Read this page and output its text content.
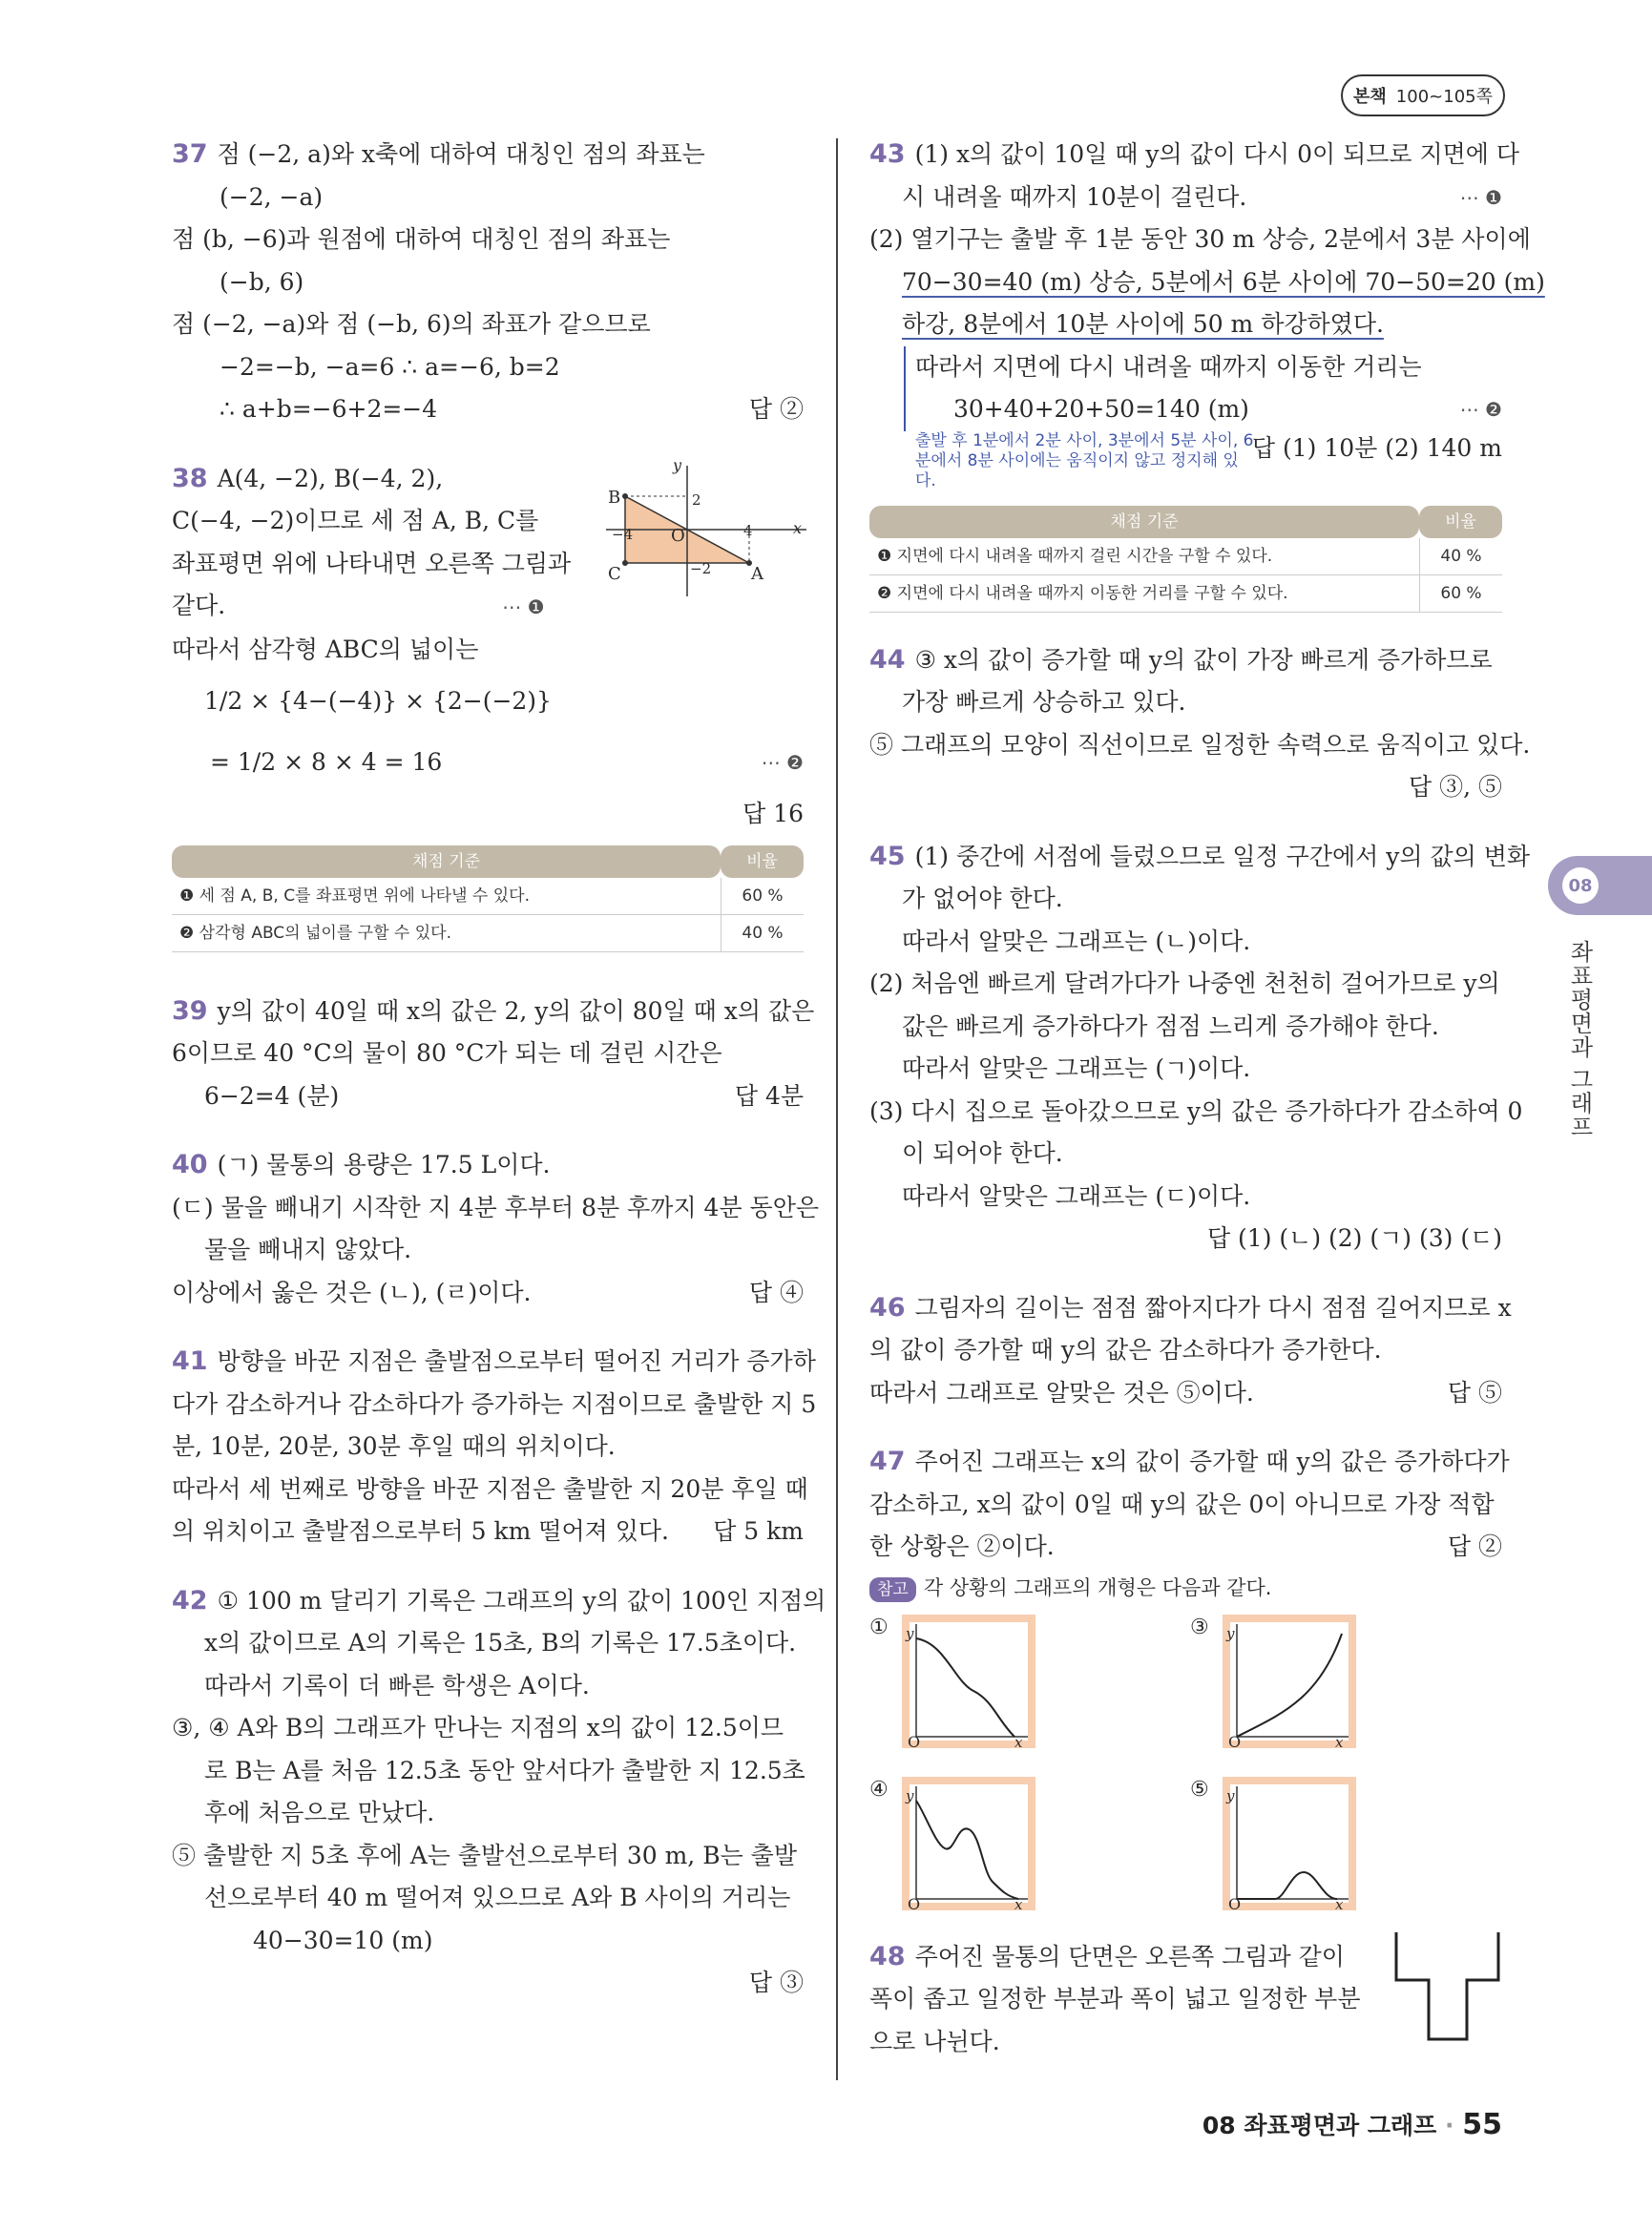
본책 100~105쪽

37 점 (−2, a)와 x축에 대하여 대칭인 점의 좌표는

(−2, −a)

점 (b, −6)과 원점에 대하여 대칭인 점의 좌표는

(−b, 6)

점 (−2, −a)와 점 (−b, 6)의 좌표가 같으므로

−2=−b, −a=6 ∴ a=−6, b=2

∴ a+b=−6+2=−4	답 ②

38 A(4, −2), B(−4, 2),

C(−4, −2)이므로 세 점 A, B, C를

좌표평면 위에 나타내면 오른쪽 그림과

같다.	⋯ ❶

따라서 삼각형 ABC의 넓이는

1/2 × {4−(−4)} × {2−(−2)}

= 1/2 × 8 × 4 = 16	⋯ ❷

답 16

y
x
O
B
C	A
2
4
−4
−2
채점 기준	비율
❶ 세 점 A, B, C를 좌표평면 위에 나타낼 수 있다.	60 %
❷ 삼각형 ABC의 넓이를 구할 수 있다.	40 %

39 y의 값이 40일 때 x의 값은 2, y의 값이 80일 때 x의 값은

6이므로 40 °C의 물이 80 °C가 되는 데 걸린 시간은

6−2=4 (분)	답 4분

40 (ㄱ) 물통의 용량은 17.5 L이다.

(ㄷ) 물을 빼내기 시작한 지 4분 후부터 8분 후까지 4분 동안은

물을 빼내지 않았다.

이상에서 옳은 것은 (ㄴ), (ㄹ)이다.	답 ④

41 방향을 바꾼 지점은 출발점으로부터 떨어진 거리가 증가하

다가 감소하거나 감소하다가 증가하는 지점이므로 출발한 지 5

분, 10분, 20분, 30분 후일 때의 위치이다.

따라서 세 번째로 방향을 바꾼 지점은 출발한 지 20분 후일 때

의 위치이고 출발점으로부터 5 km 떨어져 있다. 답 5 km

42 ① 100 m 달리기 기록은 그래프의 y의 값이 100인 지점의

x의 값이므로 A의 기록은 15초, B의 기록은 17.5초이다.

따라서 기록이 더 빠른 학생은 A이다.

③, ④ A와 B의 그래프가 만나는 지점의 x의 값이 12.5이므

로 B는 A를 처음 12.5초 동안 앞서다가 출발한 지 12.5초

후에 처음으로 만났다.

⑤ 출발한 지 5초 후에 A는 출발선으로부터 30 m, B는 출발

선으로부터 40 m 떨어져 있으므로 A와 B 사이의 거리는

40−30=10 (m)

답 ③

43 (1) x의 값이 10일 때 y의 값이 다시 0이 되므로 지면에 다

시 내려올 때까지 10분이 걸린다.	⋯ ❶

(2) 열기구는 출발 후 1분 동안 30 m 상승, 2분에서 3분 사이에

70−30=40 (m) 상승, 5분에서 6분 사이에 70−50=20 (m)

하강, 8분에서 10분 사이에 50 m 하강하였다.

따라서 지면에 다시 내려올 때까지 이동한 거리는

30+40+20+50=140 (m)	⋯ ❷

출발 후 1분에서 2분 사이, 3분에서 5분 사이, 6분에서 8분 사이에는 움직이지 않고 정지해 있다.
답 (1) 10분 (2) 140 m
채점 기준	비율
❶ 지면에 다시 내려올 때까지 걸린 시간을 구할 수 있다.	40 %
❷ 지면에 다시 내려올 때까지 이동한 거리를 구할 수 있다.	60 %

44 ③ x의 값이 증가할 때 y의 값이 가장 빠르게 증가하므로

가장 빠르게 상승하고 있다.

⑤ 그래프의 모양이 직선이므로 일정한 속력으로 움직이고 있다.

답 ③, ⑤

45 (1) 중간에 서점에 들렀으므로 일정 구간에서 y의 값의 변화

가 없어야 한다.

따라서 알맞은 그래프는 (ㄴ)이다.

(2) 처음엔 빠르게 달려가다가 나중엔 천천히 걸어가므로 y의

값은 빠르게 증가하다가 점점 느리게 증가해야 한다.

따라서 알맞은 그래프는 (ㄱ)이다.

(3) 다시 집으로 돌아갔으므로 y의 값은 증가하다가 감소하여 0

이 되어야 한다.

따라서 알맞은 그래프는 (ㄷ)이다.

답 (1) (ㄴ) (2) (ㄱ) (3) (ㄷ)

46 그림자의 길이는 점점 짧아지다가 다시 점점 길어지므로 x

의 값이 증가할 때 y의 값은 감소하다가 증가한다.

따라서 그래프로 알맞은 것은 ⑤이다.	답 ⑤

47 주어진 그래프는 x의 값이 증가할 때 y의 값은 증가하다가

감소하고, x의 값이 0일 때 y의 값은 0이 아니므로 가장 적합

한 상황은 ②이다.	답 ②

참고 각 상황의 그래프의 개형은 다음과 같다.

①
O	x
y	③
O	x
y
④
O	x
y	⑤
O	x
y

48 주어진 물통의 단면은 오른쪽 그림과 같이

폭이 좁고 일정한 부분과 폭이 넓고 일정한 부분

으로 나뉜다.

08
좌표평면과 그래프
08 좌표평면과 그래프 · 55
